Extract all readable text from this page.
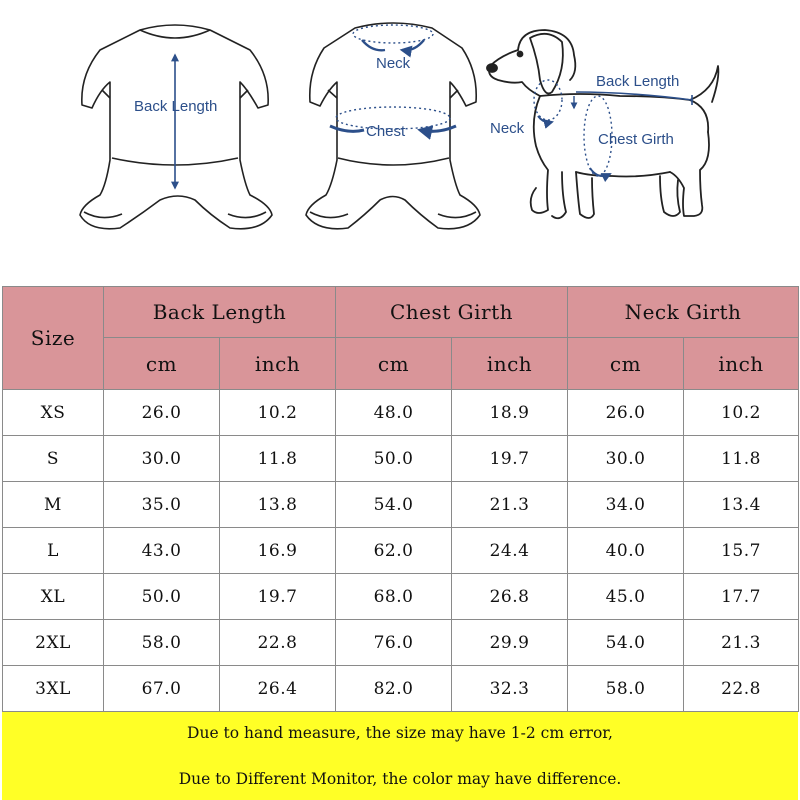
Back Length
Neck
Chest
Back Length
Neck
Chest Girth
Size	Back Length		Chest Girth		Neck Girth	
	cm	inch	cm	inch	cm	inch
XS	26.0	10.2	48.0	18.9	26.0	10.2
S	30.0	11.8	50.0	19.7	30.0	11.8
M	35.0	13.8	54.0	21.3	34.0	13.4
L	43.0	16.9	62.0	24.4	40.0	15.7
XL	50.0	19.7	68.0	26.8	45.0	17.7
2XL	58.0	22.8	76.0	29.9	54.0	21.3
3XL	67.0	26.4	82.0	32.3	58.0	22.8
Due to hand measure, the size may have 1-2 cm error,
Due to Different Monitor, the color may have difference.
